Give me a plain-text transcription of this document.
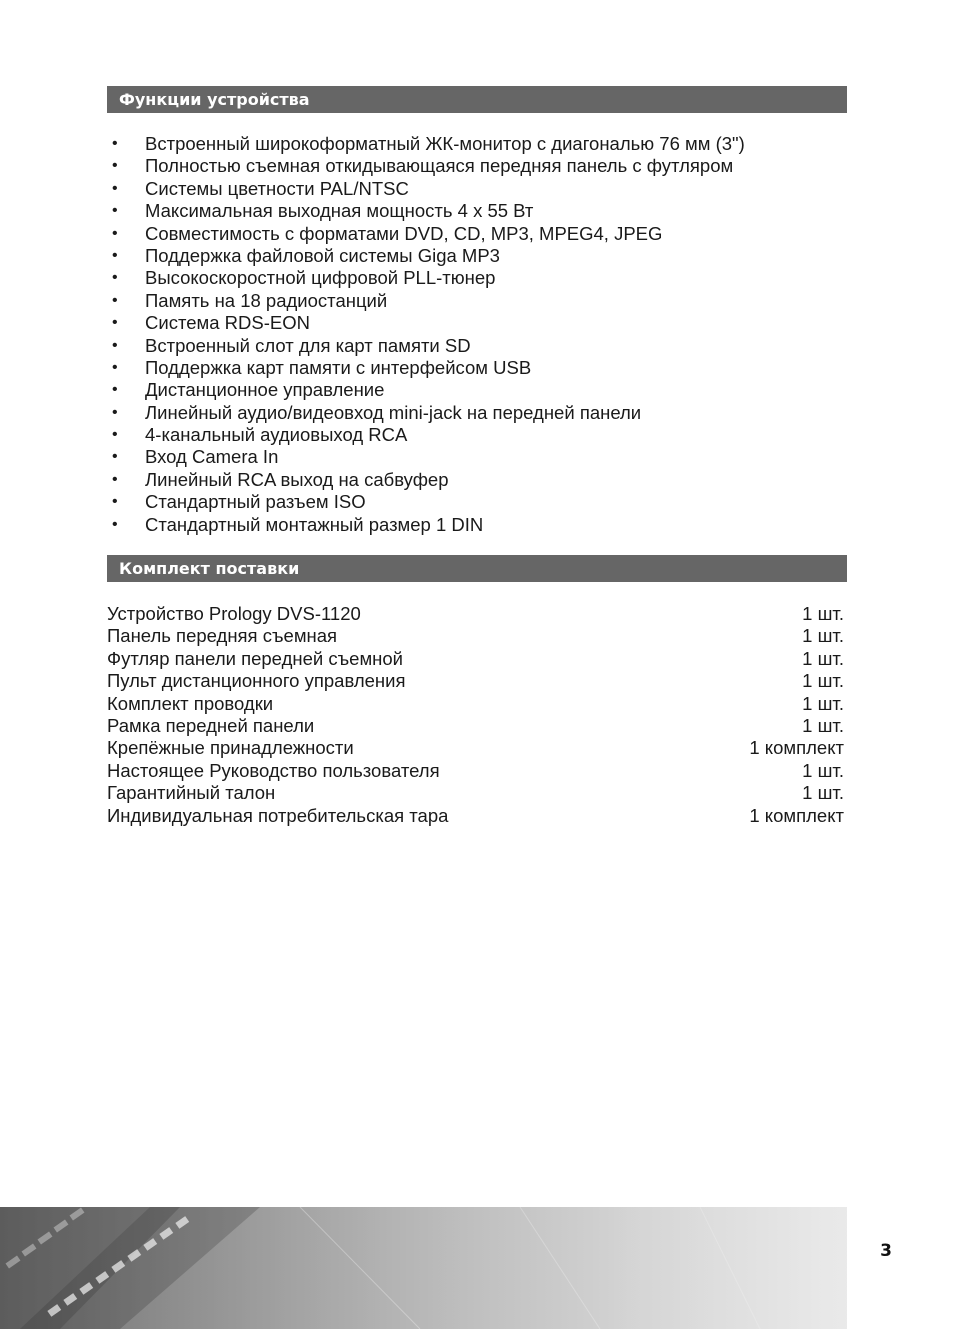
Функции устройства
• Встроенный широкоформатный ЖК-монитор с диагональю 76 мм (3")
• Полностью съемная откидывающаяся передняя панель с футляром
• Системы цветности PAL/NTSC
• Максимальная выходная мощность 4 x 55 Вт
• Совместимость с форматами DVD, CD, MP3, MPEG4, JPEG
• Поддержка файловой системы Giga MP3
• Высокоскоростной цифровой PLL-тюнер
• Память на 18 радиостанций
• Система RDS-EON
• Встроенный слот для карт памяти SD
• Поддержка карт памяти с интерфейсом USB
• Дистанционное управление
• Линейный аудио/видеовход mini-jack на передней панели
• 4-канальный аудиовыход RCA
• Вход Camera In
• Линейный RCA выход на сабвуфер
• Стандартный разъем ISO
• Стандартный монтажный размер 1 DIN
Комплект поставки
Устройство Prology DVS-1120	1 шт.
Панель передняя съемная	1 шт.
Футляр панели передней съемной	1 шт.
Пульт дистанционного управления	1 шт.
Комплект проводки	1 шт.
Рамка передней панели	1 шт.
Крепёжные принадлежности	1 комплект
Настоящее Руководство пользователя	1 шт.
Гарантийный талон	1 шт.
Индивидуальная потребительская тара	1 комплект
3
